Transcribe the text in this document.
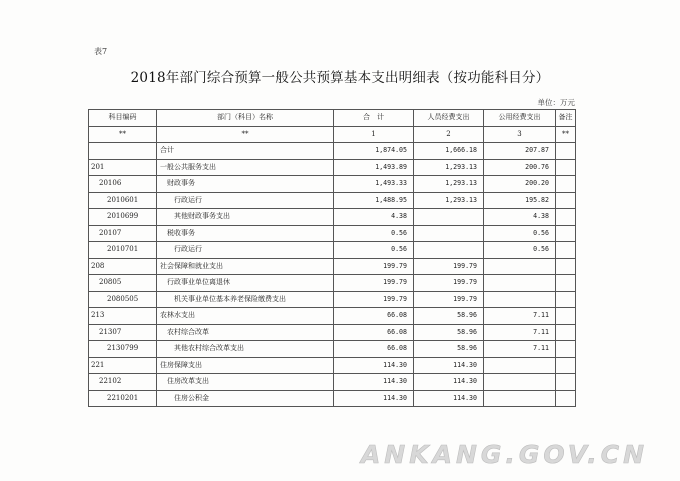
表7
2018年部门综合预算一般公共预算基本支出明细表（按功能科目分）
单位：万元
科目编码	部门（科目）名称	合　计	人员经费支出	公用经费支出	备注
**	**	1	2	3	**
	合计	1,874.05	1,666.18	207.87	
201	一般公共服务支出	1,493.89	1,293.13	200.76	
20106	财政事务	1,493.33	1,293.13	200.20	
2010601	行政运行	1,488.95	1,293.13	195.82	
2010699	其他财政事务支出	4.38		4.38	
20107	税收事务	0.56		0.56	
2010701	行政运行	0.56		0.56	
208	社会保障和就业支出	199.79	199.79		
20805	行政事业单位离退休	199.79	199.79		
2080505	机关事业单位基本养老保险缴费支出	199.79	199.79		
213	农林水支出	66.08	58.96	7.11	
21307	农村综合改革	66.08	58.96	7.11	
2130799	其他农村综合改革支出	66.08	58.96	7.11	
221	住房保障支出	114.30	114.30		
22102	住房改革支出	114.30	114.30		
2210201	住房公积金	114.30	114.30		
ANKANG.GOV.CN
